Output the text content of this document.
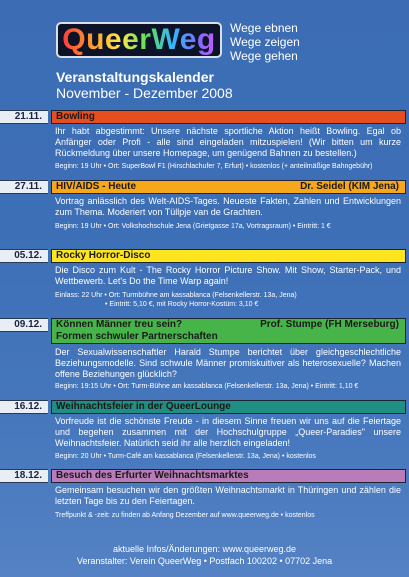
QueerWeg Wege ebnen
Wege zeigen
Wege gehen
Veranstaltungskalender
November - Dezember 2008
21.11.	Bowling

Ihr habt abgestimmt: Unsere nächste sportliche Aktion heißt Bowling. Egal ob Anfänger oder Profi - alle sind eingeladen mitzuspielen! (Wir bitten um kurze Rückmeldung über unsere Homepage, um genügend Bahnen zu bestellen.)

Beginn: 19 Uhr • Ort: SuperBowl F1 (Hirschlachufer 7, Erfurt) • kostenlos (+ anteilmäßige Bahngebühr)

27.11.	HIV/AIDS - Heute	Dr. Seidel (KIM Jena)

Vortrag anlässlich des Welt-AIDS-Tages. Neueste Fakten, Zahlen und Entwicklungen zum Thema. Moderiert von Tüllpje van de Grachten.

Beginn: 19 Uhr • Ort: Volkshochschule Jena (Grietgasse 17a, Vortragsraum) • Eintritt: 1 €

05.12.	Rocky Horror-Disco

Die Disco zum Kult - The Rocky Horror Picture Show. Mit Show, Starter-Pack, und Wettbewerb. Let's Do the Time Warp again!

Einlass: 22 Uhr • Ort: Turmbühne am kassablanca (Felsenkellerstr. 13a, Jena)

• Eintritt: 5,10 €, mit Rocky Horror-Kostüm: 3,10 €

09.12.	Können Männer treu sein?
Formen schwuler Partnerschaften
Prof. Stumpe (FH Merseburg)

Der Sexualwissenschaftler Harald Stumpe berichtet über gleichgeschlechtliche Beziehungsmodelle. Sind schwule Männer promiskuitiver als heterosexuelle? Machen offene Beziehungen glücklich?

Beginn: 19:15 Uhr • Ort: Turm-Bühne am kassablanca (Felsenkellerstr. 13a, Jena) • Eintritt: 1,10 €

16.12.	Weihnachtsfeier in der QueerLounge

Vorfreude ist die schönste Freude - in diesem Sinne freuen wir uns auf die Feiertage und begehen zusammen mit der Hochschulgruppe „Queer-Paradies" unsere Weihnachtsfeier. Natürlich seid ihr alle herzlich eingeladen!

Beginn: 20 Uhr • Turm-Café am kassablanca (Felsenkellerstr. 13a, Jena) • kostenlos

18.12.	Besuch des Erfurter Weihnachtsmarktes

Gemeinsam besuchen wir den größten Weihnachtsmarkt in Thüringen und zählen die letzten Tage bis zu den Feiertagen.

Treffpunkt & -zeit: zu finden ab Anfang Dezember auf www.queerweg.de • kostenlos

aktuelle Infos/Änderungen: www.queerweg.de
Veranstalter: Verein QueerWeg • Postfach 100202 • 07702 Jena
